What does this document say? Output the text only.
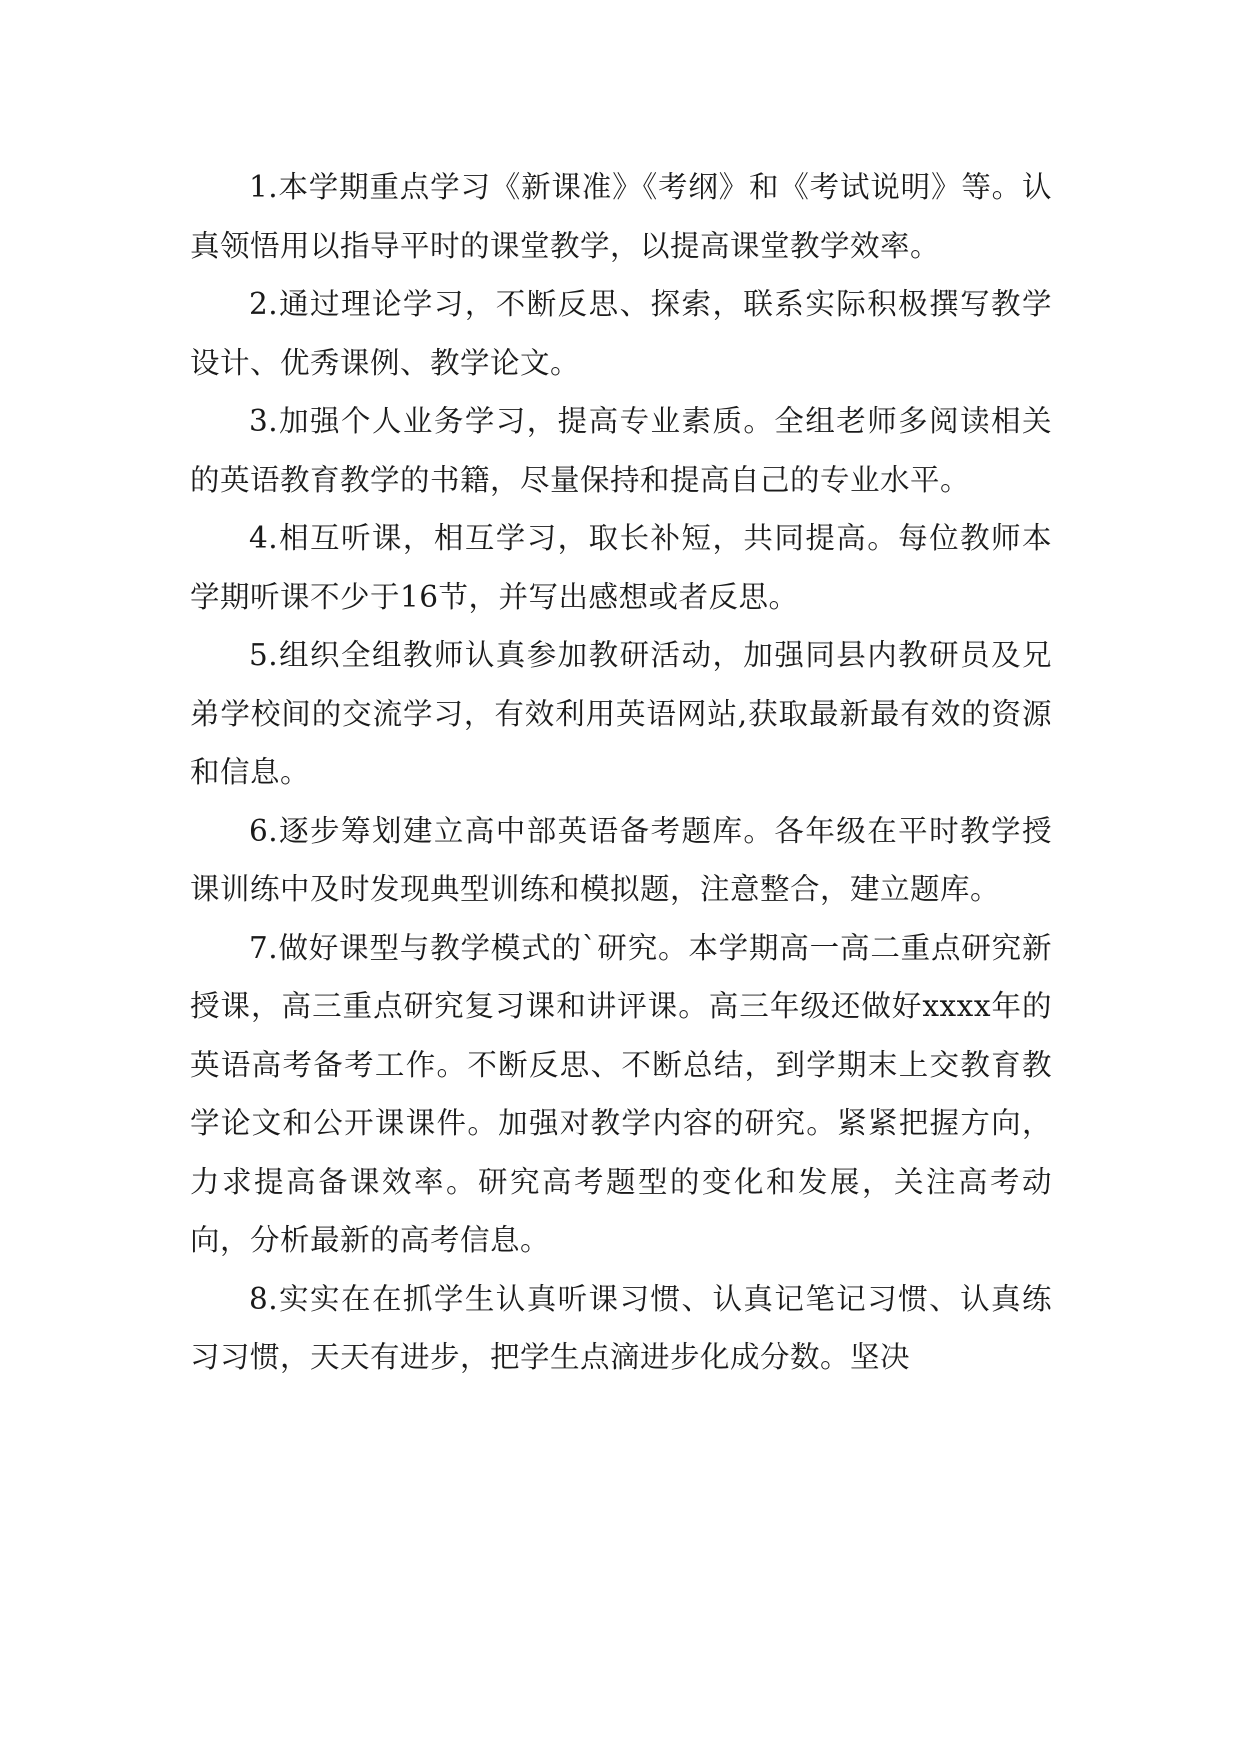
1.本学期重点学习《新课准》《考纲》和《考试说明》等。认真领悟用以指导平时的课堂教学，以提高课堂教学效率。

2.通过理论学习，不断反思、探索，联系实际积极撰写教学设计、优秀课例、教学论文。

3.加强个人业务学习，提高专业素质。全组老师多阅读相关的英语教育教学的书籍，尽量保持和提高自己的专业水平。

4.相互听课，相互学习，取长补短，共同提高。每位教师本学期听课不少于16节，并写出感想或者反思。

5.组织全组教师认真参加教研活动，加强同县内教研员及兄弟学校间的交流学习，有效利用英语网站,获取最新最有效的资源和信息。

6.逐步筹划建立高中部英语备考题库。各年级在平时教学授课训练中及时发现典型训练和模拟题，注意整合，建立题库。

7.做好课型与教学模式的`研究。本学期高一高二重点研究新授课，高三重点研究复习课和讲评课。高三年级还做好xxxx年的英语高考备考工作。不断反思、不断总结，到学期末上交教育教学论文和公开课课件。加强对教学内容的研究。紧紧把握方向，力求提高备课效率。研究高考题型的变化和发展，关注高考动向，分析最新的高考信息。

8.实实在在抓学生认真听课习惯、认真记笔记习惯、认真练习习惯，天天有进步，把学生点滴进步化成分数。坚决
